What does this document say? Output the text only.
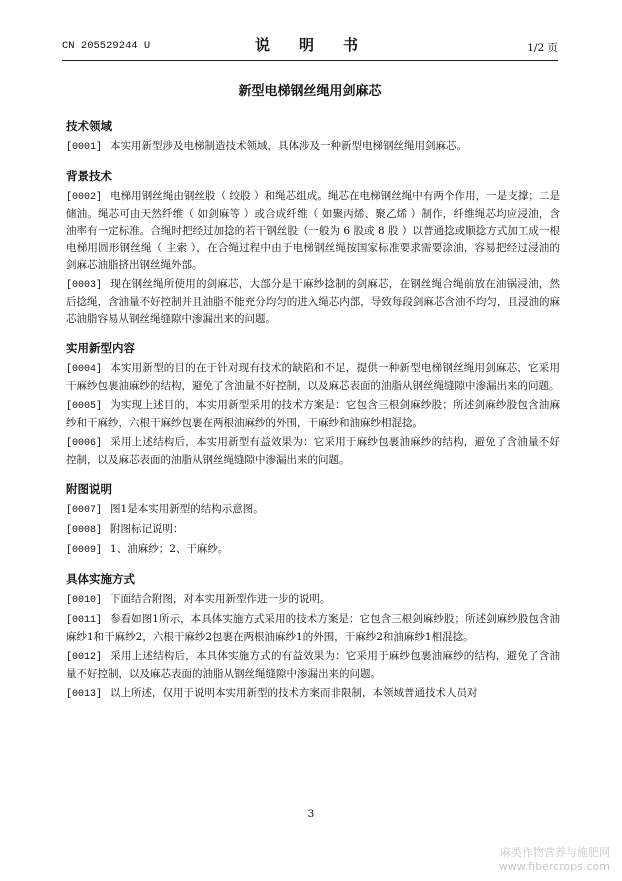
CN 205529244 U	说　明　书	1/2 页
新型电梯钢丝绳用剑麻芯
技术领域
[0001] 本实用新型涉及电梯制造技术领域，具体涉及一种新型电梯钢丝绳用剑麻芯。
背景技术
[0002] 电梯用钢丝绳由钢丝股（ 绞股 ）和绳芯组成。绳芯在电梯钢丝绳中有两个作用，一是支撑；二是储油。绳芯可由天然纤维（ 如剑麻等 ）或合成纤维（ 如聚丙烯、聚乙烯 ）制作，纤维绳芯均应浸油，含油率有一定标准。合绳时把经过加捻的若干钢丝股（一般为 6 股或 8 股 ）以普通捻或顺捻方式加工成一根电梯用圆形钢丝绳（ 主索 ），在合绳过程中由于电梯钢丝绳按国家标准要求需要涂油，容易把经过浸油的剑麻芯油脂挤出钢丝绳外部。
[0003] 现在钢丝绳所使用的剑麻芯，大部分是干麻纱捻制的剑麻芯，在钢丝绳合绳前放在油锅浸油，然后捻绳，含油量不好控制并且油脂不能充分均匀的进入绳芯内部，导致每段剑麻芯含油不均匀，且浸油的麻芯油脂容易从钢丝绳缝隙中渗漏出来的问题。
实用新型内容
[0004] 本实用新型的目的在于针对现有技术的缺陷和不足，提供一种新型电梯钢丝绳用剑麻芯，它采用干麻纱包裹油麻纱的结构，避免了含油量不好控制，以及麻芯表面的油脂从钢丝绳缝隙中渗漏出来的问题。
[0005] 为实现上述目的，本实用新型采用的技术方案是：它包含三根剑麻纱股；所述剑麻纱股包含油麻纱和干麻纱，六根干麻纱包裹在两根油麻纱的外围，干麻纱和油麻纱相混捻。
[0006] 采用上述结构后，本实用新型有益效果为：它采用于麻纱包裹油麻纱的结构，避免了含油量不好控制，以及麻芯表面的油脂从钢丝绳缝隙中渗漏出来的问题。
附图说明
[0007] 图1是本实用新型的结构示意图。
[0008] 附图标记说明：
[0009] 1、油麻纱；2、干麻纱。
具体实施方式
[0010] 下面结合附图，对本实用新型作进一步的说明。
[0011] 参看如图1所示，本具体实施方式采用的技术方案是：它包含三根剑麻纱股；所述剑麻纱股包含油麻纱1和干麻纱2，六根干麻纱2包裹在两根油麻纱1的外围，干麻纱2和油麻纱1相混捻。
[0012] 采用上述结构后，本具体实施方式的有益效果为：它采用于麻纱包裹油麻纱的结构，避免了含油量不好控制，以及麻芯表面的油脂从钢丝绳缝隙中渗漏出来的问题。
[0013] 以上所述，仅用于说明本实用新型的技术方案而非限制，本领域普通技术人员对
3
麻类作物营养与施肥网
www.fibercrops.com
